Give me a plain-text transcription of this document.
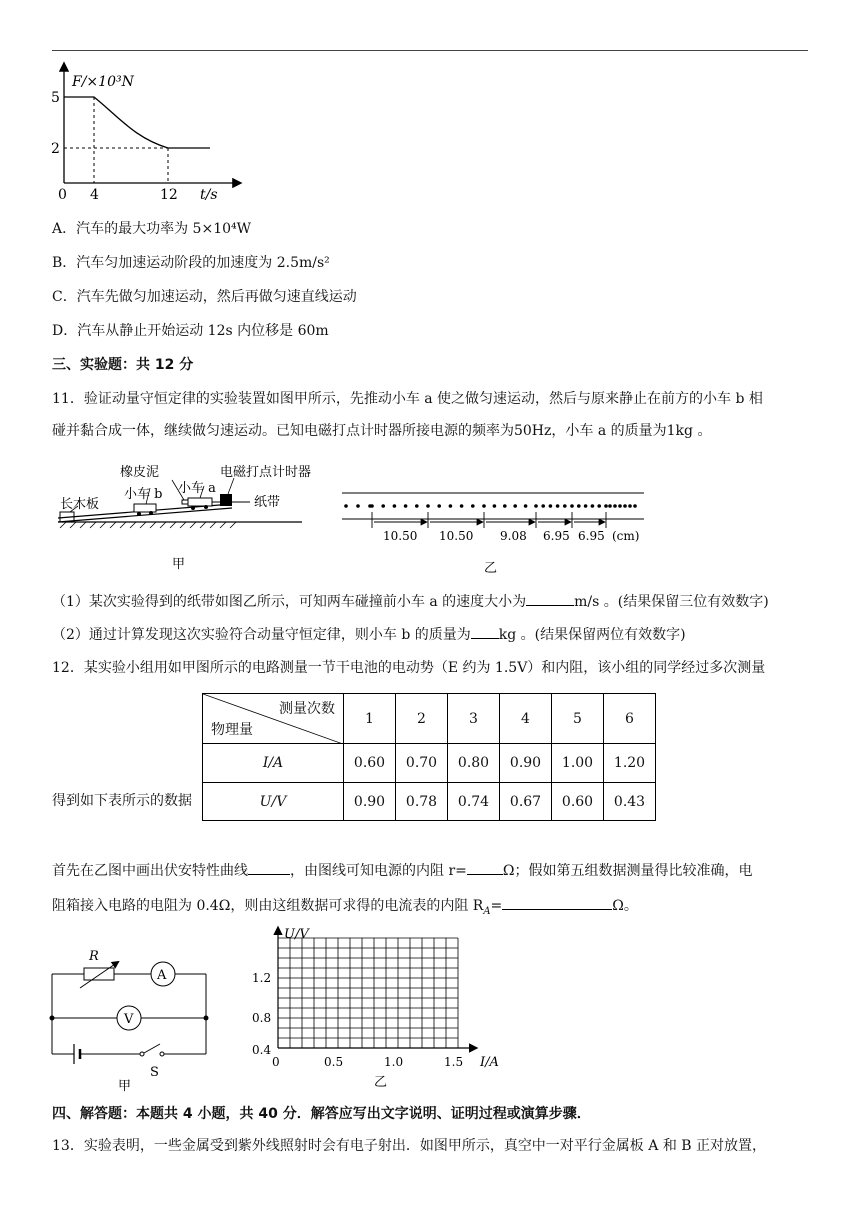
F/×10³N
5
2
0 4	12 t/s
A．汽车的最大功率为 5×10⁴W
B．汽车匀加速运动阶段的加速度为 2.5m/s²
C．汽车先做匀加速运动，然后再做匀速直线运动
D．汽车从静止开始运动 12s 内位移是 60m
三、实验题：共 12 分
11．验证动量守恒定律的实验装置如图甲所示，先推动小车 a 使之做匀速运动，然后与原来静止在前方的小车 b 相
碰并黏合成一体，继续做匀速运动。已知电磁打点计时器所接电源的频率为50Hz，小车 a 的质量为1kg 。
长木板
橡皮泥
小车 b 小车 a
电磁打点计时器
纸带
甲
10.50 10.50 9.08 6.95 6.95 (cm)
乙
（1）某次实验得到的纸带如图乙所示，可知两车碰撞前小车 a 的速度大小为	m/s 。(结果保留三位有效数字)
（2）通过计算发现这次实验符合动量守恒定律，则小车 b 的质量为 kg 。(结果保留两位有效数字)
12．某实验小组用如甲图所示的电路测量一节干电池的电动势（E 约为 1.5V）和内阻，该小组的同学经过多次测量
测量次数
物理量	1	2	3	4	5	6
I/A	0.60	0.70	0.80	0.90	1.00	1.20
U/V	0.90	0.78	0.74	0.67	0.60	0.43
得到如下表所示的数据
首先在乙图中画出伏安特性曲线	，由图线可知电源的内阻 r=	Ω；假如第五组数据测量得比较准确，电
阻箱接入电路的电阻为 0.4Ω，则由这组数据可求得的电流表的内阻 $R_A=$	Ω。
R
A
V
S
甲
U/V
1.2
0.8
0.4
0	0.5	1.0	1.5 I/A
乙
四、解答题：本题共 4 小题，共 40 分．解答应写出文字说明、证明过程或演算步骤．
13．实验表明，一些金属受到紫外线照射时会有电子射出．如图甲所示，真空中一对平行金属板 A 和 B 正对放置，
